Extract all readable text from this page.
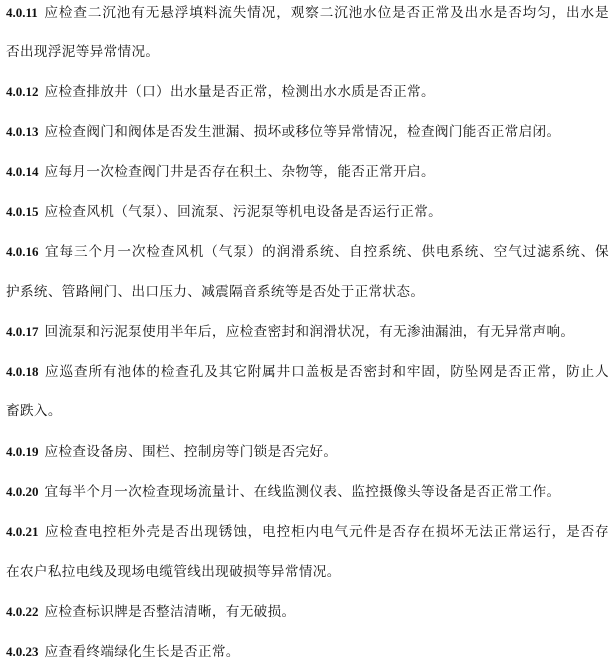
4.0.11 应检查二沉池有无悬浮填料流失情况，观察二沉池水位是否正常及出水是否均匀，出水是
否出现浮泥等异常情况。
4.0.12 应检查排放井（口）出水量是否正常，检测出水水质是否正常。
4.0.13 应检查阀门和阀体是否发生泄漏、损坏或移位等异常情况，检查阀门能否正常启闭。
4.0.14 应每月一次检查阀门井是否存在积土、杂物等，能否正常开启。
4.0.15 应检查风机（气泵）、回流泵、污泥泵等机电设备是否运行正常。
4.0.16 宜每三个月一次检查风机（气泵）的润滑系统、自控系统、供电系统、空气过滤系统、保
护系统、管路闸门、出口压力、减震隔音系统等是否处于正常状态。
4.0.17 回流泵和污泥泵使用半年后，应检查密封和润滑状况，有无渗油漏油，有无异常声响。
4.0.18 应巡查所有池体的检查孔及其它附属井口盖板是否密封和牢固，防坠网是否正常，防止人
畜跌入。
4.0.19 应检查设备房、围栏、控制房等门锁是否完好。
4.0.20 宜每半个月一次检查现场流量计、在线监测仪表、监控摄像头等设备是否正常工作。
4.0.21 应检查电控柜外壳是否出现锈蚀，电控柜内电气元件是否存在损坏无法正常运行，是否存
在农户私拉电线及现场电缆管线出现破损等异常情况。
4.0.22 应检查标识牌是否整洁清晰，有无破损。
4.0.23 应查看终端绿化生长是否正常。
